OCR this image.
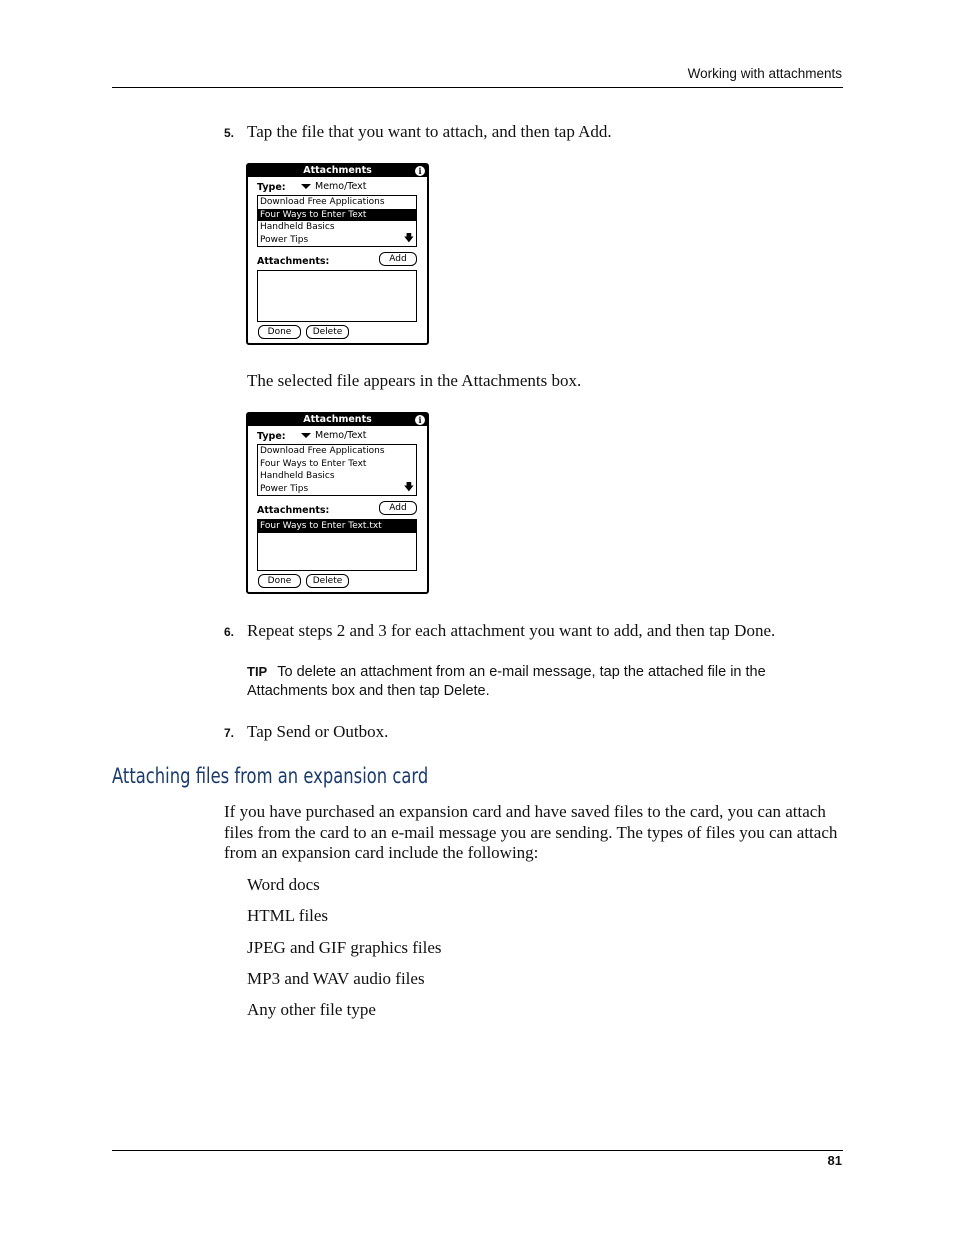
Working with attachments
5. Tap the file that you want to attach, and then tap Add.
Attachments	i
Type:	Memo/Text
Download Free Applications
Four Ways to Enter Text
Handheld Basics
Power Tips	🡇
Attachments:	Add
Done	Delete
The selected file appears in the Attachments box.
Attachments	i
Type:	Memo/Text
Download Free Applications
Four Ways to Enter Text
Handheld Basics
Power Tips	🡇
Attachments:	Add
Four Ways to Enter Text.txt
Done	Delete
6. Repeat steps 2 and 3 for each attachment you want to add, and then tap Done.
TIP To delete an attachment from an e-mail message, tap the attached file in the Attachments box and then tap Delete.
7. Tap Send or Outbox.
Attaching files from an expansion card
If you have purchased an expansion card and have saved files to the card, you can attach files from the card to an e-mail message you are sending. The types of files you can attach from an expansion card include the following:
Word docs
HTML files
JPEG and GIF graphics files
MP3 and WAV audio files
Any other file type
81
